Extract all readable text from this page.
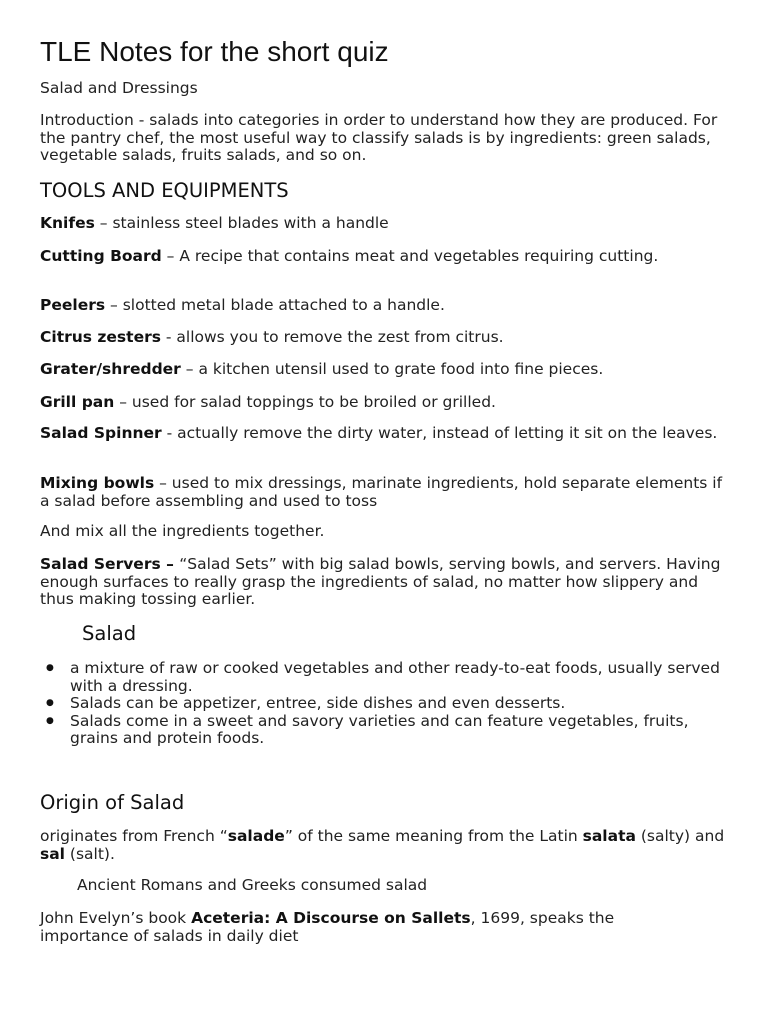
TLE Notes for the short quiz

Salad and Dressings

Introduction - salads into categories in order to understand how they are produced. For the pantry chef, the most useful way to classify salads is by ingredients: green salads, vegetable salads, fruits salads, and so on.

TOOLS AND EQUIPMENTS

Knifes – stainless steel blades with a handle

Cutting Board – A recipe that contains meat and vegetables requiring cutting.

Peelers – slotted metal blade attached to a handle.

Citrus zesters - allows you to remove the zest from citrus.

Grater/shredder – a kitchen utensil used to grate food into fine pieces.

Grill pan – used for salad toppings to be broiled or grilled.

Salad Spinner - actually remove the dirty water, instead of letting it sit on the leaves.

Mixing bowls – used to mix dressings, marinate ingredients, hold separate elements if a salad before assembling and used to toss

And mix all the ingredients together.

Salad Servers – “Salad Sets” with big salad bowls, serving bowls, and servers. Having enough surfaces to really grasp the ingredients of salad, no matter how slippery and thus making tossing earlier.

Salad
● a mixture of raw or cooked vegetables and other ready-to-eat foods, usually served with a dressing.
● Salads can be appetizer, entree, side dishes and even desserts.
● Salads come in a sweet and savory varieties and can feature vegetables, fruits, grains and protein foods.
Origin of Salad

originates from French “salade” of the same meaning from the Latin salata (salty) and sal (salt).

Ancient Romans and Greeks consumed salad

John Evelyn’s book Aceteria: A Discourse on Sallets, 1699, speaks the importance of salads in daily diet
